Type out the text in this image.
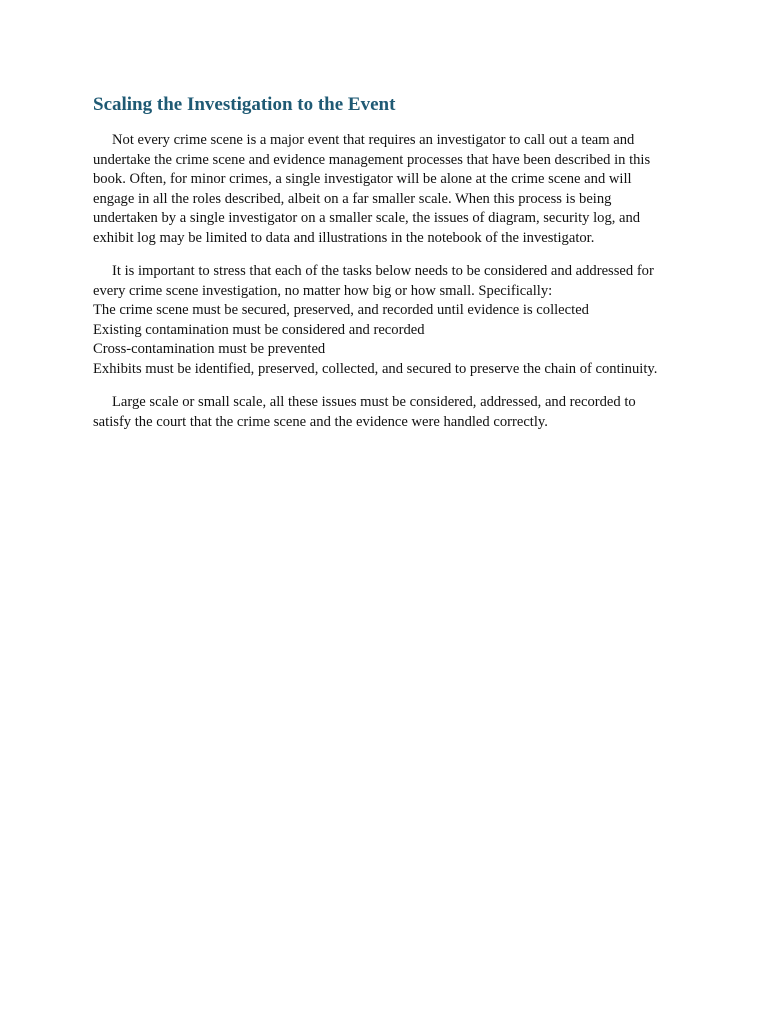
Scaling the Investigation to the Event

Not every crime scene is a major event that requires an investigator to call out a team and undertake the crime scene and evidence management processes that have been described in this book. Often, for minor crimes, a single investigator will be alone at the crime scene and will engage in all the roles described, albeit on a far smaller scale. When this process is being undertaken by a single investigator on a smaller scale, the issues of diagram, security log, and exhibit log may be limited to data and illustrations in the notebook of the investigator.

It is important to stress that each of the tasks below needs to be considered and addressed for every crime scene investigation, no matter how big or how small. Specifically:
The crime scene must be secured, preserved, and recorded until evidence is collected
Existing contamination must be considered and recorded
Cross-contamination must be prevented
Exhibits must be identified, preserved, collected, and secured to preserve the chain of continuity.

Large scale or small scale, all these issues must be considered, addressed, and recorded to satisfy the court that the crime scene and the evidence were handled correctly.
